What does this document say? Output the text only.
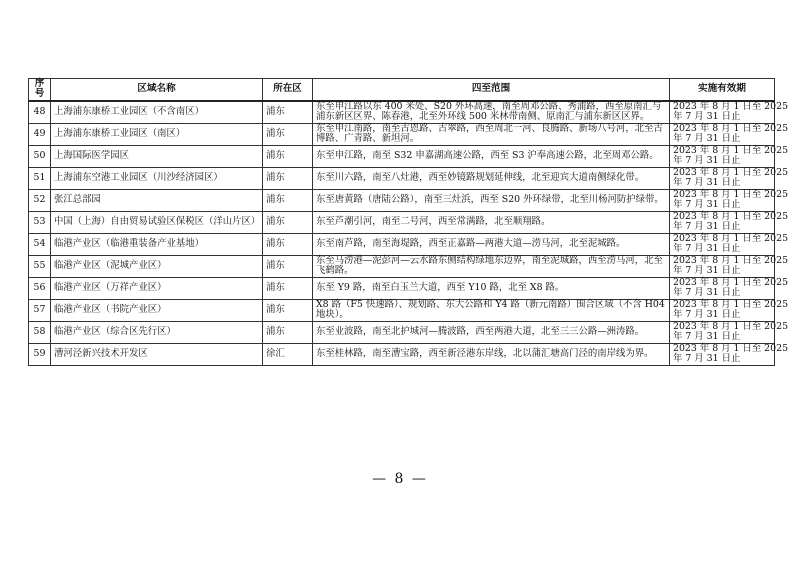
序号	区域名称	所在区	四至范围	实施有效期
48	上海浦东康桥工业园区（不含南区）	浦东	东至申江路以东 400 米处、S20 外环高速，南至周邓公路、秀浦路，西至原南汇与浦东新区区界、陈春港，北至外环线 500 米林带南侧、原南汇与浦东新区区界。	2023 年 8 月 1 日至 2025
年 7 月 31 日止
49	上海浦东康桥工业园区（南区）	浦东	东至申江南路，南至古恩路、古翠路，西至周北一河、良腾路、新场八号河，北至古博路、广青路、新坦河。	2023 年 8 月 1 日至 2025
年 7 月 31 日止
50	上海国际医学园区	浦东	东至申江路，南至 S32 申嘉湖高速公路，西至 S3 沪奉高速公路，北至周邓公路。	2023 年 8 月 1 日至 2025
年 7 月 31 日止
51	上海浦东空港工业园区（川沙经济园区）	浦东	东至川六路，南至八灶港，西至妙镜路规划延伸线，北至迎宾大道南侧绿化带。	2023 年 8 月 1 日至 2025
年 7 月 31 日止
52	张江总部园	浦东	东至唐黄路（唐陆公路），南至三灶浜，西至 S20 外环绿带，北至川杨河防护绿带。	2023 年 8 月 1 日至 2025
年 7 月 31 日止
53	中国（上海）自由贸易试验区保税区（洋山片区）	浦东	东至芦潮引河，南至二号河，西至常满路，北至顺翔路。	2023 年 8 月 1 日至 2025
年 7 月 31 日止
54	临港产业区（临港重装备产业基地）	浦东	东至南芦路，南至海堤路，西至正嘉路—两港大道—涝马河，北至泥城路。	2023 年 8 月 1 日至 2025
年 7 月 31 日止
55	临港产业区（泥城产业区）	浦东	东至马涝港—泥彭河—云水路东侧结构绿地东边界，南至泥城路，西至涝马河，北至飞鹤路。	2023 年 8 月 1 日至 2025
年 7 月 31 日止
56	临港产业区（万祥产业区）	浦东	东至 Y9 路，南至白玉兰大道，西至 Y10 路，北至 X8 路。	2023 年 8 月 1 日至 2025
年 7 月 31 日止
57	临港产业区（书院产业区）	浦东	X8 路（F5 快速路）、规划路、东大公路和 Y4 路（新元南路）围合区域（不含 H04 地块）。	2023 年 8 月 1 日至 2025
年 7 月 31 日止
58	临港产业区（综合区先行区）	浦东	东至业波路，南至北护城河—腾波路，西至两港大道，北至三三公路—洲涛路。	2023 年 8 月 1 日至 2025
年 7 月 31 日止
59	漕河泾新兴技术开发区	徐汇	东至桂林路，南至漕宝路，西至新泾港东岸线，北以蒲汇塘高门泾的南岸线为界。	2023 年 8 月 1 日至 2025
年 7 月 31 日止
— 8 —
